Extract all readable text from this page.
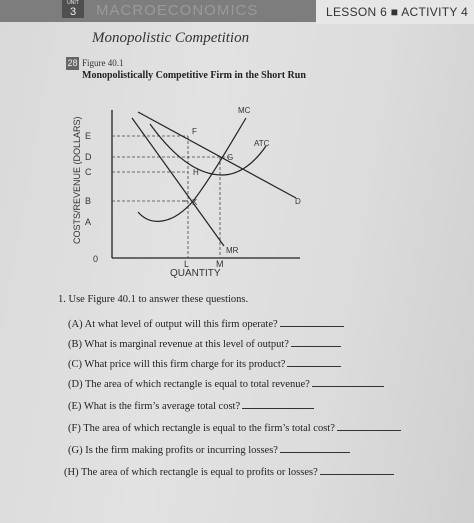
UNIT
3	MACROECONOMICS	LESSON 6 ■ ACTIVITY 4
Monopolistic Competition
28 Figure 40.1
Monopolistically Competitive Firm in the Short Run
COSTS/REVENUE (DOLLARS)
QUANTITY
E
D
C
B
A
0	L	M
MC
ATC
D
MR
F
G
H
K
1. Use Figure 40.1 to answer these questions.
(A) At what level of output will this firm operate?
(B) What is marginal revenue at this level of output?
(C) What price will this firm charge for its product?
(D) The area of which rectangle is equal to total revenue?
(E) What is the firm’s average total cost?
(F) The area of which rectangle is equal to the firm’s total cost?
(G) Is the firm making profits or incurring losses?
(H) The area of which rectangle is equal to profits or losses?
